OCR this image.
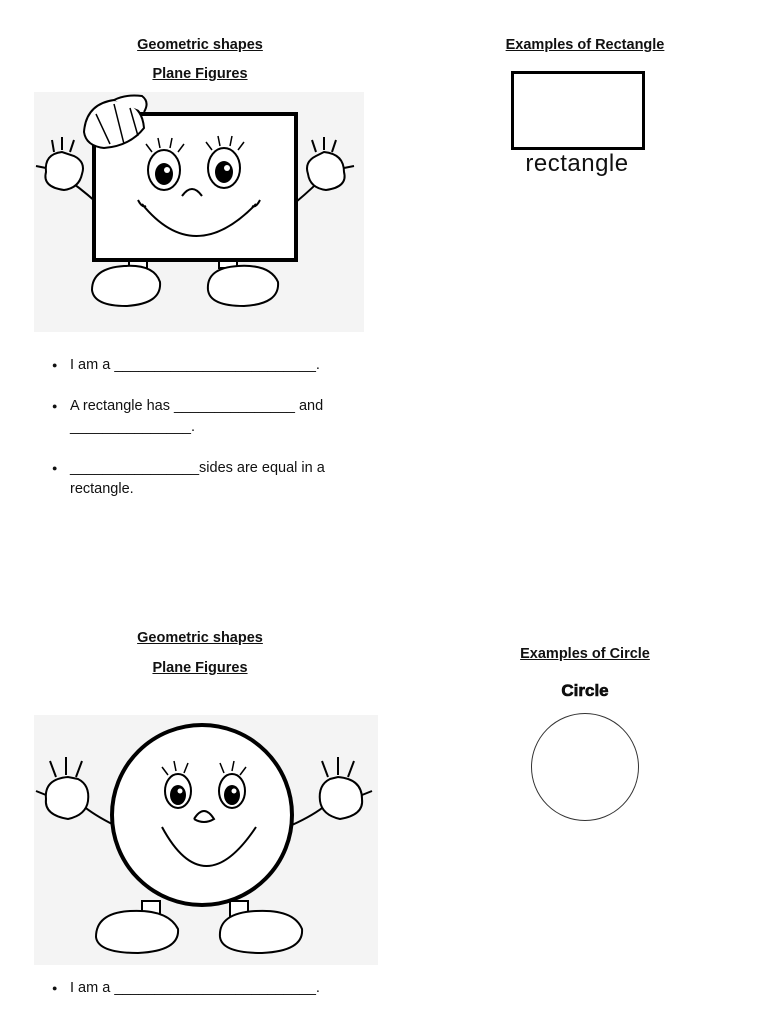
Geometric shapes
Plane Figures
Examples of Rectangle
rectangle
● I am a _________________________.
● A rectangle has _______________ and _______________.
● ________________sides are equal in a rectangle.
Geometric shapes
Plane Figures
Examples of Circle
Circle
● I am a _________________________.
